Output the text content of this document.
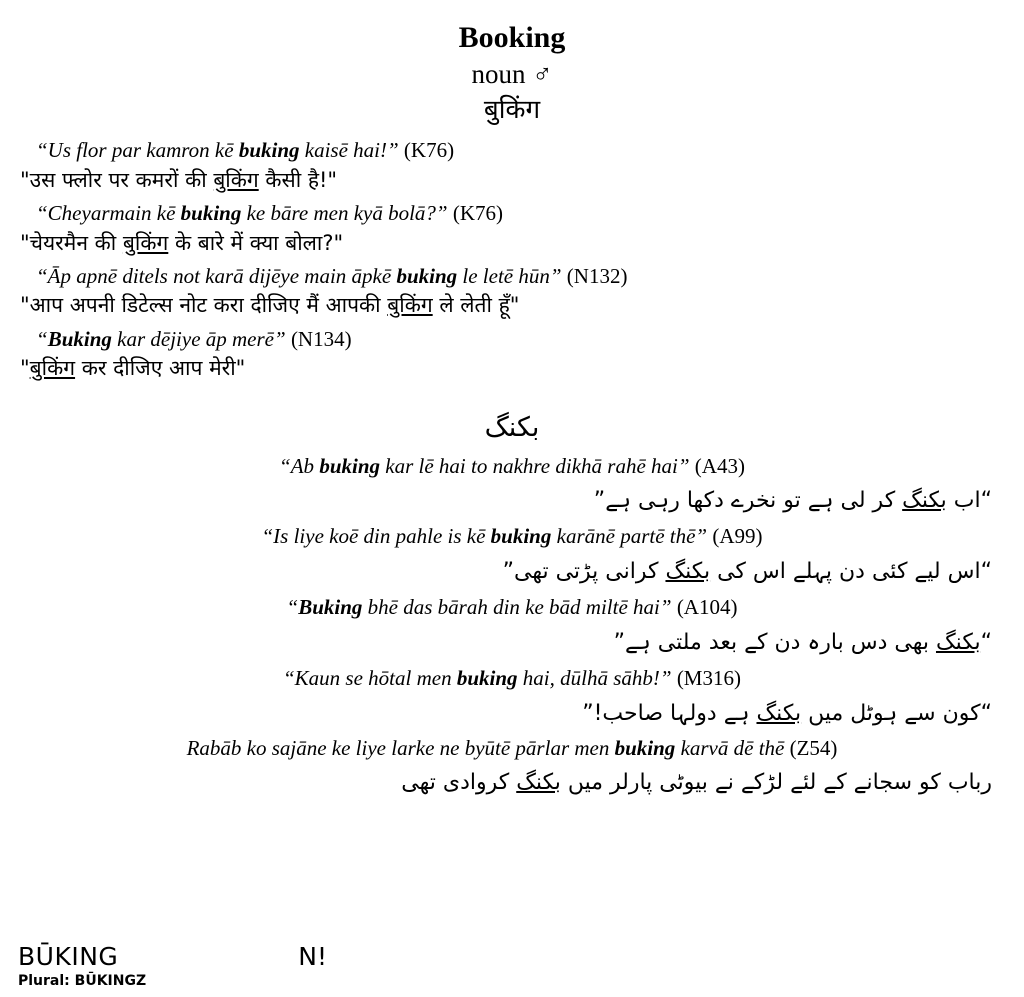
Booking
noun ♂
बुकिंग
“Us flor par kamron kē buking kaisē hai!” (K76)
"उस फ्लोर पर कमरों की बुकिंग कैसी है!"
“Cheyarmain kē buking ke bāre men kyā bolā?” (K76)
"चेयरमैन की बुकिंग के बारे में क्या बोला?"
“Āp apnē ditels not karā dijēye main āpkē buking le letē hūn” (N132)
"आप अपनी डिटेल्स नोट करा दीजिए मैं आपकी बुकिंग ले लेती हूँ"
“Buking kar dējiye āp merē” (N134)
"बुकिंग कर दीजिए आप मेरी"
بکنگ
“Ab buking kar lē hai to nakhre dikhā rahē hai” (A43)
“اب بکنگ کر لی ہے تو نخرے دکھا رہی ہے”
“Is liye koē din pahle is kē buking karānē partē thē” (A99)
“اس لیے کئی دن پہلے اس کی بکنگ کرانی پڑتی تھی”
“Buking bhē das bārah din ke bād miltē hai” (A104)
“بکنگ بھی دس بارہ دن کے بعد ملتی ہے”
“Kaun se hōtal men buking hai, dūlhā sāhb!” (M316)
“کون سے ہوٹل میں بکنگ ہے دولہا صاحب!”
Rabāb ko sajāne ke liye larke ne byūtē pārlar men buking karvā dē thē (Z54)
رباب کو سجانے کے لئے لڑکے نے بیوٹی پارلر میں بکنگ کروادی تھی
BŪKING	N!
Plural: BŪKINGZ
